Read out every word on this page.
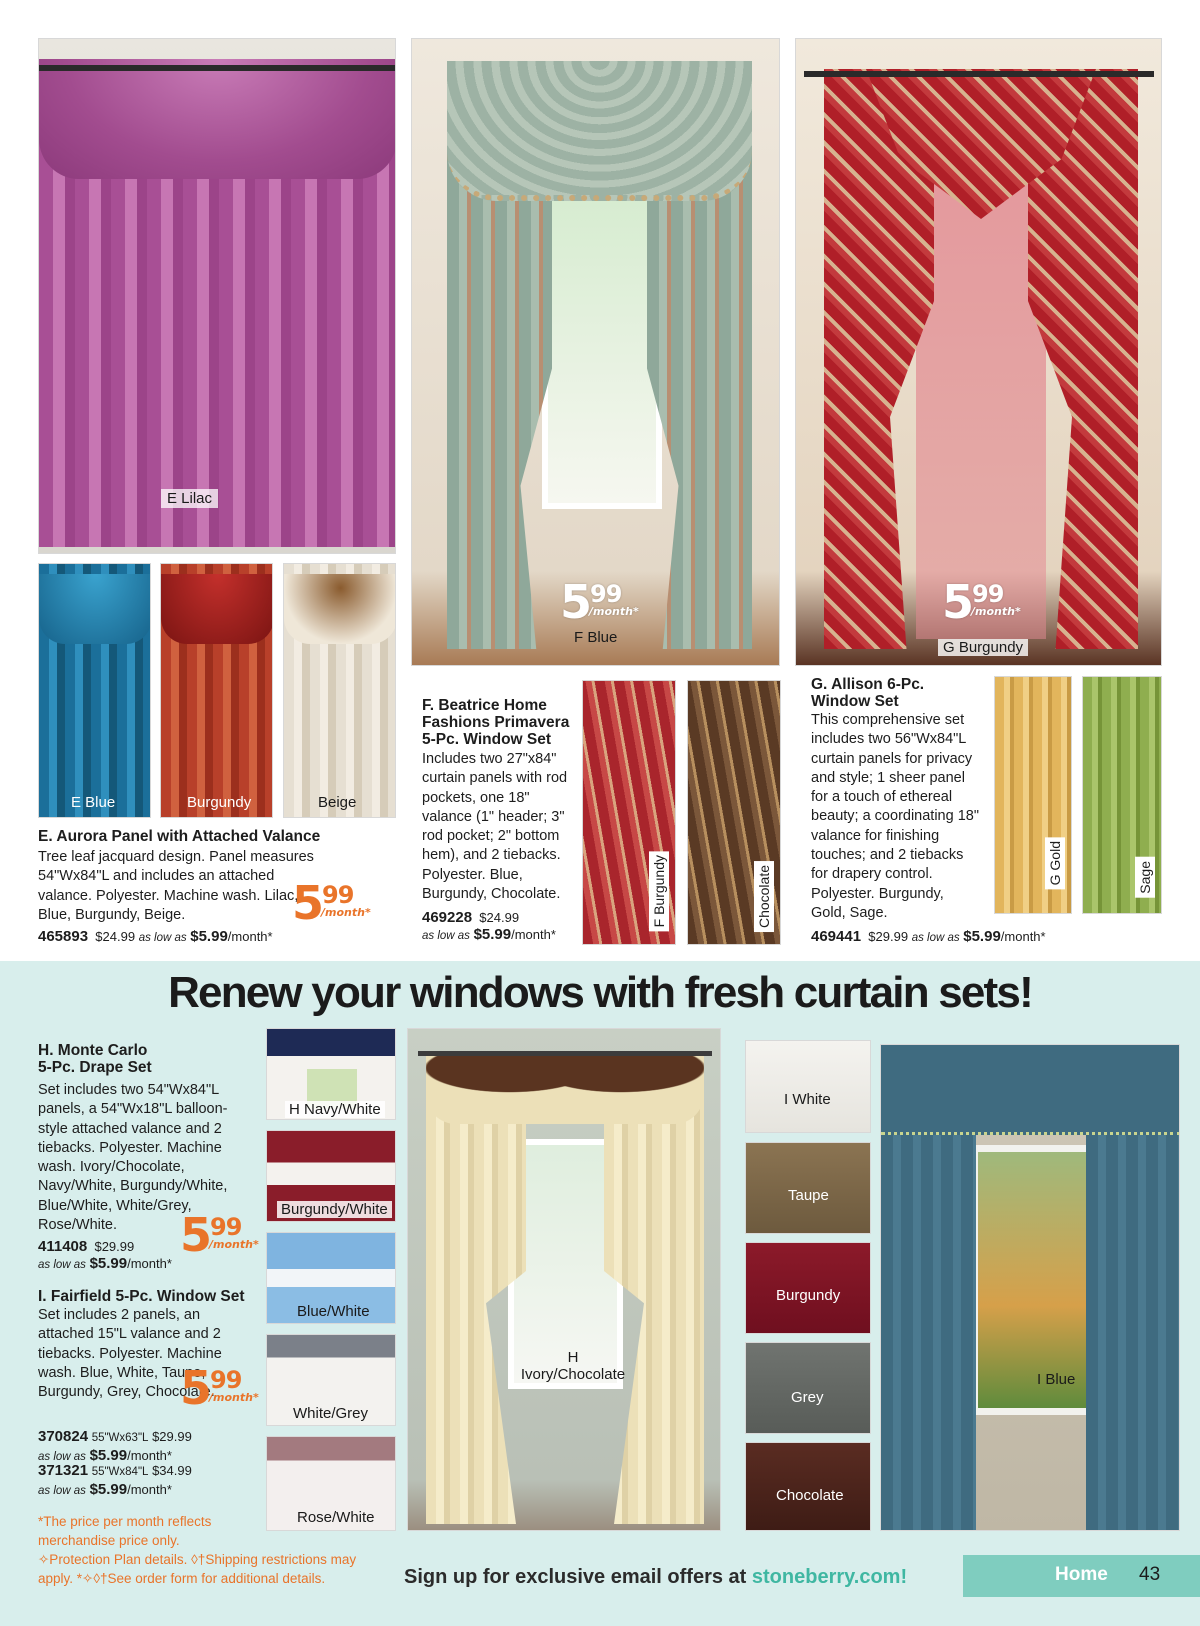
E Lilac
E Blue	Burgundy	Beige
E. Aurora Panel with Attached Valance
Tree leaf jacquard design. Panel measures 54"Wx84"L and includes an attached valance. Polyester. Machine wash. Lilac, Blue, Burgundy, Beige.
465893 $24.99 as low as $5.99/month*
599
/month*
599
/month*
F Blue
599
/month*
G Burgundy
F. Beatrice Home Fashions Primavera 5-Pc. Window Set
Includes two 27"x84" curtain panels with rod pockets, one 18" valance (1" header; 3" rod pocket; 2" bottom hem), and 2 tiebacks. Polyester. Blue, Burgundy, Chocolate.
469228 $24.99
as low as $5.99/month*
F Burgundy	Chocolate
G. Allison 6-Pc. Window Set
This comprehensive set includes two 56"Wx84"L curtain panels for privacy and style; 1 sheer panel for a touch of ethereal beauty; a coordinating 18" valance for finishing touches; and 2 tiebacks for drapery control. Polyester. Burgundy, Gold, Sage.
469441 $29.99 as low as $5.99/month*
G Gold	Sage
Renew your windows with fresh curtain sets!
H. Monte Carlo 5-Pc. Drape Set
Set includes two 54"Wx84"L panels, a 54"Wx18"L balloon-style attached valance and 2 tiebacks. Polyester. Machine wash. Ivory/Chocolate, Navy/White, Burgundy/White, Blue/White, White/Grey, Rose/White.
411408 $29.99
as low as $5.99/month*
599
/month*
I. Fairfield 5-Pc. Window Set
Set includes 2 panels, an attached 15"L valance and 2 tiebacks. Polyester. Machine wash. Blue, White, Taupe, Burgundy, Grey, Chocolate.
370824 55"Wx63"L $29.99
as low as $5.99/month*
371321 55"Wx84"L $34.99
as low as $5.99/month*
599
/month*
H Navy/White
Burgundy/White
Blue/White
White/Grey
Rose/White
H
Ivory/Chocolate
I White
Taupe
Burgundy
Grey
Chocolate
I Blue
*The price per month reflects merchandise price only.
✧Protection Plan details. ◊†Shipping restrictions may apply. *✧◊†See order form for additional details.	Sign up for exclusive email offers at stoneberry.com!	Home 43
